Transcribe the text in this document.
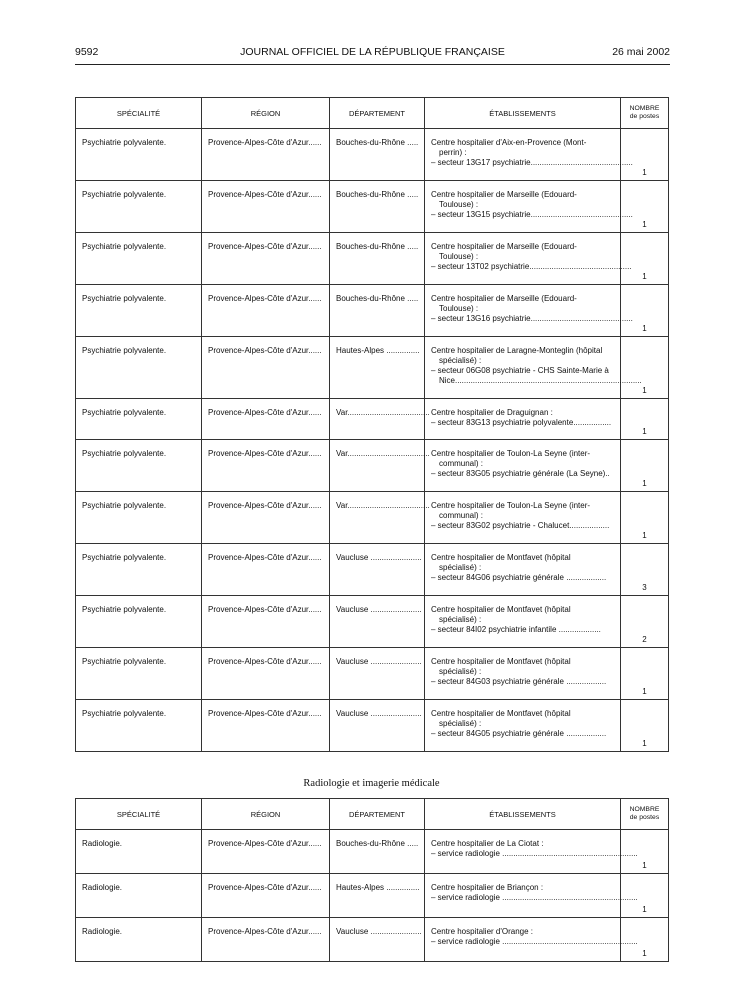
9592	JOURNAL OFFICIEL DE LA RÉPUBLIQUE FRANÇAISE	26 mai 2002
SPÉCIALITÉ	RÉGION	DÉPARTEMENT	ÉTABLISSEMENTS	NOMBRE
de postes

Psychiatrie polyvalente.	Provence-Alpes-Côte d'Azur......	Bouches-du-Rhône .....	Centre hospitalier d'Aix-en-Provence (Mont-
perrin) :
– secteur 13G17 psychiatrie..............................................	1
Psychiatrie polyvalente.	Provence-Alpes-Côte d'Azur......	Bouches-du-Rhône .....	Centre hospitalier de Marseille (Edouard-
Toulouse) :
– secteur 13G15 psychiatrie..............................................	1
Psychiatrie polyvalente.	Provence-Alpes-Côte d'Azur......	Bouches-du-Rhône .....	Centre hospitalier de Marseille (Edouard-
Toulouse) :
– secteur 13T02 psychiatrie..............................................	1
Psychiatrie polyvalente.	Provence-Alpes-Côte d'Azur......	Bouches-du-Rhône .....	Centre hospitalier de Marseille (Edouard-
Toulouse) :
– secteur 13G16 psychiatrie..............................................	1
Psychiatrie polyvalente.	Provence-Alpes-Côte d'Azur......	Hautes-Alpes ...............	Centre hospitalier de Laragne-Monteglin (hôpital
spécialisé) :
– secteur 06G08 psychiatrie - CHS Sainte-Marie à
Nice....................................................................................	1
Psychiatrie polyvalente.	Provence-Alpes-Côte d'Azur......	Var.....................................	Centre hospitalier de Draguignan :
– secteur 83G13 psychiatrie polyvalente.................	1
Psychiatrie polyvalente.	Provence-Alpes-Côte d'Azur......	Var.....................................	Centre hospitalier de Toulon-La Seyne (inter-
communal) :
– secteur 83G05 psychiatrie générale (La Seyne)..	1
Psychiatrie polyvalente.	Provence-Alpes-Côte d'Azur......	Var.....................................	Centre hospitalier de Toulon-La Seyne (inter-
communal) :
– secteur 83G02 psychiatrie - Chalucet..................	1
Psychiatrie polyvalente.	Provence-Alpes-Côte d'Azur......	Vaucluse .......................	Centre hospitalier de Montfavet (hôpital
spécialisé) :
– secteur 84G06 psychiatrie générale ..................	3
Psychiatrie polyvalente.	Provence-Alpes-Côte d'Azur......	Vaucluse .......................	Centre hospitalier de Montfavet (hôpital
spécialisé) :
– secteur 84I02 psychiatrie infantile ...................	2
Psychiatrie polyvalente.	Provence-Alpes-Côte d'Azur......	Vaucluse .......................	Centre hospitalier de Montfavet (hôpital
spécialisé) :
– secteur 84G03 psychiatrie générale ..................	1
Psychiatrie polyvalente.	Provence-Alpes-Côte d'Azur......	Vaucluse .......................	Centre hospitalier de Montfavet (hôpital
spécialisé) :
– secteur 84G05 psychiatrie générale ..................	1
Radiologie et imagerie médicale
SPÉCIALITÉ	RÉGION	DÉPARTEMENT	ÉTABLISSEMENTS	NOMBRE
de postes

Radiologie.	Provence-Alpes-Côte d'Azur......	Bouches-du-Rhône .....	Centre hospitalier de La Ciotat :
– service radiologie .............................................................	1
Radiologie.	Provence-Alpes-Côte d'Azur......	Hautes-Alpes ...............	Centre hospitalier de Briançon :
– service radiologie .............................................................	1
Radiologie.	Provence-Alpes-Côte d'Azur......	Vaucluse .......................	Centre hospitalier d'Orange :
– service radiologie .............................................................	1
